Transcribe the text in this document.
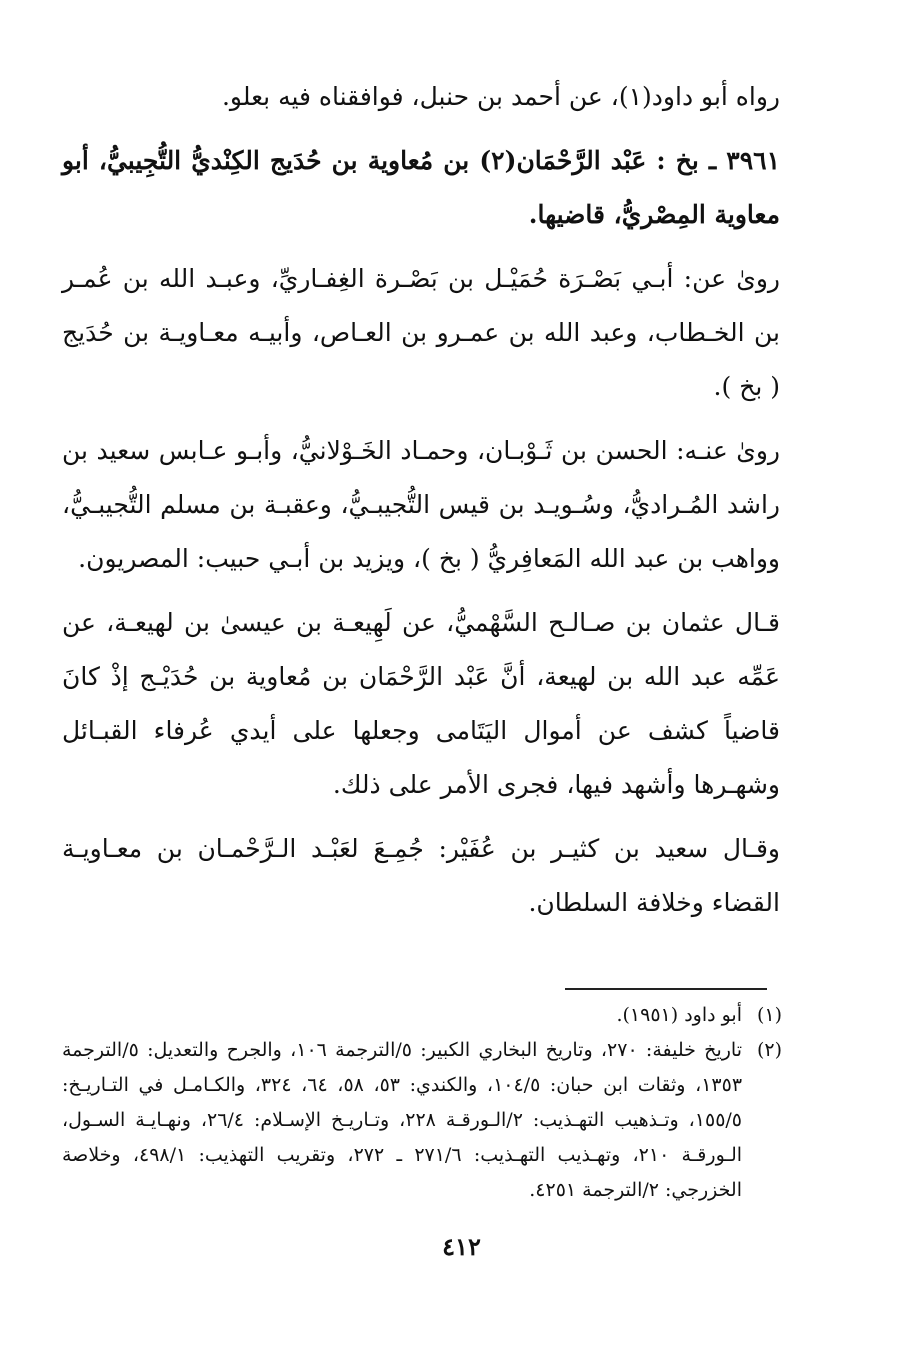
رواه أبو داود(١)، عن أحمد بن حنبل، فوافقناه فيه بعلو.

٣٩٦١ ـ بخ : عَبْد الرَّحْمَان(٢) بن مُعاوية بن حُدَيج الكِنْديُّ التُّجِيبيُّ، أبو معاوية المِصْريُّ، قاضيها.

روىٰ عن: أبـي بَصْـرَة حُمَيْـل بن بَصْـرة الغِفـاريِّ، وعبـد الله بن عُمـر بن الخـطاب، وعبد الله بن عمـرو بن العـاص، وأبيـه معـاويـة بن حُدَيج ( بخ ).

روىٰ عنـه: الحسن بن ثَـوْبـان، وحمـاد الخَـوْلانيُّ، وأبـو عـابس سعيد بن راشد المُـراديُّ، وسُـويـد بن قيس التُّجيبـيُّ، وعقبـة بن مسلم التُّجيبـيُّ، وواهب بن عبد الله المَعافِريُّ ( بخ )، ويزيد بن أبـي حبيب: المصريون.

قـال عثمان بن صـالـح السَّهْميُّ، عن لَهِيعـة بن عيسىٰ بن لهيعـة، عن عَمِّه عبد الله بن لهيعة، أنَّ عَبْد الرَّحْمَان بن مُعاوية بن حُدَيْـج إذْ كانَ قاضياً كشف عن أموال اليَتَامى وجعلها على أيدي عُرفاء القبـائل وشهـرها وأشهد فيها، فجرى الأمر على ذلك.

وقـال سعيد بن كثيـر بن عُفَيْر: جُمِـعَ لعَبْـد الـرَّحْمـان بن معـاويـة القضاء وخلافة السلطان.

(١)
أبو داود (١٩٥١).
(٢)
تاريخ خليفة: ٢٧٠، وتاريخ البخاري الكبير: ٥/الترجمة ١٠٦، والجرح والتعديل: ٥/الترجمة ١٣٥٣، وثقات ابن حبان: ١٠٤/٥، والكندي: ٥٣، ٥٨، ٦٤، ٣٢٤، والكـامـل في التـاريـخ: ١٥٥/٥، وتـذهيب التهـذيب: ٢/الـورقـة ٢٢٨، وتـاريـخ الإسـلام: ٢٦/٤، ونهـايـة السـول، الـورقـة ٢١٠، وتهـذيب التهـذيب: ٢٧١/٦ ـ ٢٧٢، وتقريب التهذيب: ٤٩٨/١، وخلاصة الخزرجي: ٢/الترجمة ٤٢٥١.
٤١٢
